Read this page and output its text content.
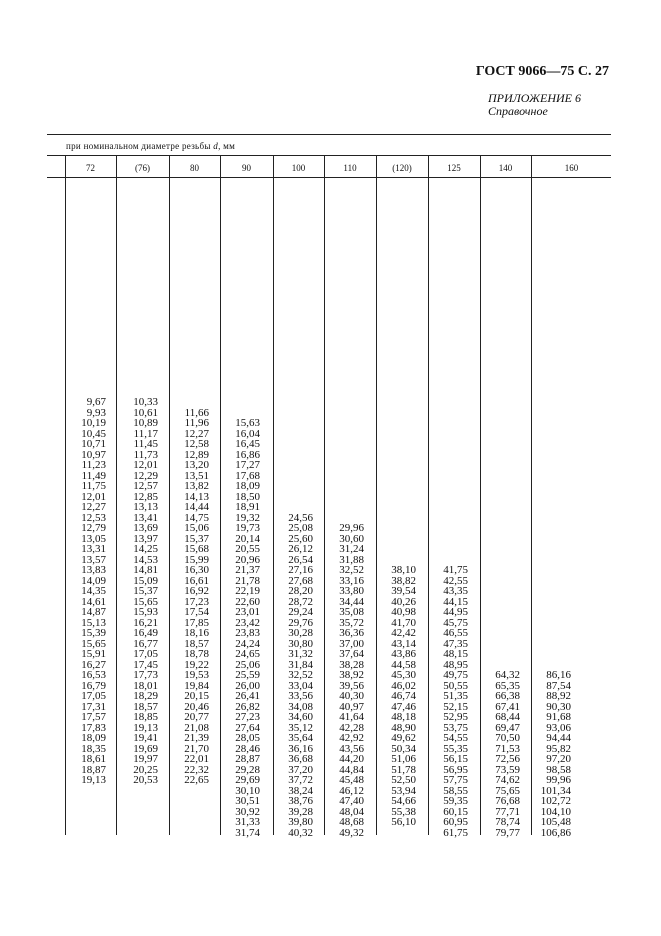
ГОСТ 9066—75 С. 27
ПРИЛОЖЕНИЕ 6
Справочное
при номинальном диаметре резьбы d, мм
72
9,67
9,93
10,19
10,45
10,71
10,97
11,23
11,49
11,75
12,01
12,27
12,53
12,79
13,05
13,31
13,57
13,83
14,09
14,35
14,61
14,87
15,13
15,39
15,65
15,91
16,27
16,53
16,79
17,05
17,31
17,57
17,83
18,09
18,35
18,61
18,87
19,13
(76)
10,33
10,61
10,89
11,17
11,45
11,73
12,01
12,29
12,57
12,85
13,13
13,41
13,69
13,97
14,25
14,53
14,81
15,09
15,37
15,65
15,93
16,21
16,49
16,77
17,05
17,45
17,73
18,01
18,29
18,57
18,85
19,13
19,41
19,69
19,97
20,25
20,53
80
11,66
11,96
12,27
12,58
12,89
13,20
13,51
13,82
14,13
14,44
14,75
15,06
15,37
15,68
15,99
16,30
16,61
16,92
17,23
17,54
17,85
18,16
18,57
18,78
19,22
19,53
19,84
20,15
20,46
20,77
21,08
21,39
21,70
22,01
22,32
22,65
90
15,63
16,04
16,45
16,86
17,27
17,68
18,09
18,50
18,91
19,32
19,73
20,14
20,55
20,96
21,37
21,78
22,19
22,60
23,01
23,42
23,83
24,24
24,65
25,06
25,59
26,00
26,41
26,82
27,23
27,64
28,05
28,46
28,87
29,28
29,69
30,10
30,51
30,92
31,33
31,74
100
24,56
25,08
25,60
26,12
26,54
27,16
27,68
28,20
28,72
29,24
29,76
30,28
30,80
31,32
31,84
32,52
33,04
33,56
34,08
34,60
35,12
35,64
36,16
36,68
37,20
37,72
38,24
38,76
39,28
39,80
40,32
110
29,96
30,60
31,24
31,88
32,52
33,16
33,80
34,44
35,08
35,72
36,36
37,00
37,64
38,28
38,92
39,56
40,30
40,97
41,64
42,28
42,92
43,56
44,20
44,84
45,48
46,12
47,40
48,04
48,68
49,32
(120)
38,10
38,82
39,54
40,26
40,98
41,70
42,42
43,14
43,86
44,58
45,30
46,02
46,74
47,46
48,18
48,90
49,62
50,34
51,06
51,78
52,50
53,94
54,66
55,38
56,10
125
41,75
42,55
43,35
44,15
44,95
45,75
46,55
47,35
48,15
48,95
49,75
50,55
51,35
52,15
52,95
53,75
54,55
55,35
56,15
56,95
57,75
58,55
59,35
60,15
60,95
61,75
140
64,32
65,35
66,38
67,41
68,44
69,47
70,50
71,53
72,56
73,59
74,62
75,65
76,68
77,71
78,74
79,77
160
86,16
87,54
88,92
90,30
91,68
93,06
94,44
95,82
97,20
98,58
99,96
101,34
102,72
104,10
105,48
106,86
